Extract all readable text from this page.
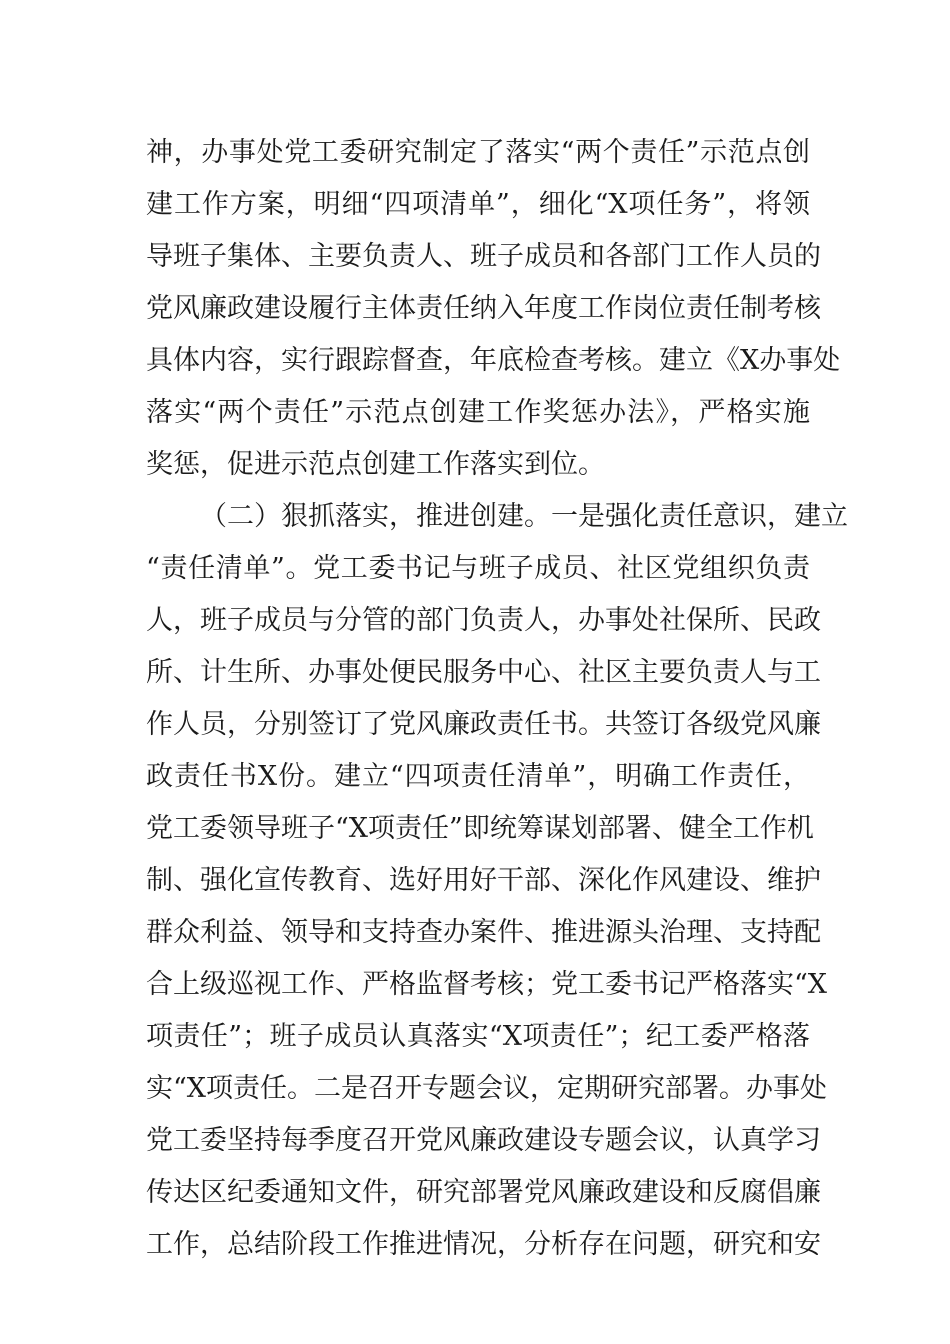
神，办事处党工委研究制定了落实“两个责任”示范点创

建工作方案，明细“四项清单”，细化“X项任务”，将领

导班子集体、主要负责人、班子成员和各部门工作人员的

党风廉政建设履行主体责任纳入年度工作岗位责任制考核

具体内容，实行跟踪督查，年底检查考核。建立《X办事处

落实“两个责任”示范点创建工作奖惩办法》，严格实施

奖惩，促进示范点创建工作落实到位。

（二）狠抓落实，推进创建。一是强化责任意识，建立

“责任清单”。党工委书记与班子成员、社区党组织负责

人，班子成员与分管的部门负责人，办事处社保所、民政

所、计生所、办事处便民服务中心、社区主要负责人与工

作人员，分别签订了党风廉政责任书。共签订各级党风廉

政责任书X份。建立“四项责任清单”，明确工作责任，

党工委领导班子“X项责任”即统筹谋划部署、健全工作机

制、强化宣传教育、选好用好干部、深化作风建设、维护

群众利益、领导和支持查办案件、推进源头治理、支持配

合上级巡视工作、严格监督考核；党工委书记严格落实“X

项责任”；班子成员认真落实“X项责任”；纪工委严格落

实“X项责任。二是召开专题会议，定期研究部署。办事处

党工委坚持每季度召开党风廉政建设专题会议，认真学习

传达区纪委通知文件，研究部署党风廉政建设和反腐倡廉

工作，总结阶段工作推进情况，分析存在问题，研究和安
